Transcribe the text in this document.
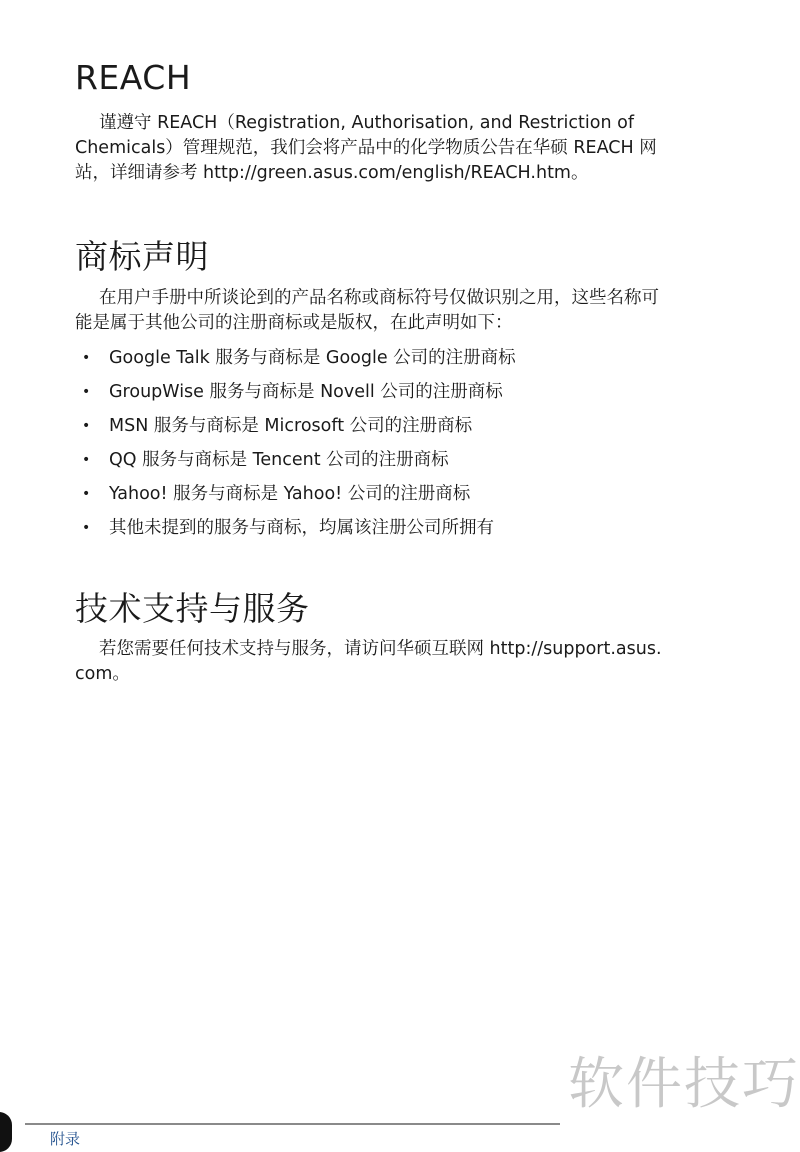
REACH

谨遵守 REACH（Registration, Authorisation, and Restriction of
Chemicals）管理规范，我们会将产品中的化学物质公告在华硕 REACH 网
站，详细请参考 http://green.asus.com/english/REACH.htm。

商标声明

在用户手册中所谈论到的产品名称或商标符号仅做识别之用，这些名称可
能是属于其他公司的注册商标或是版权，在此声明如下：

• Google Talk 服务与商标是 Google 公司的注册商标
• GroupWise 服务与商标是 Novell 公司的注册商标
• MSN 服务与商标是 Microsoft 公司的注册商标
• QQ 服务与商标是 Tencent 公司的注册商标
• Yahoo! 服务与商标是 Yahoo! 公司的注册商标
• 其他未提到的服务与商标，均属该注册公司所拥有
技术支持与服务

若您需要任何技术支持与服务，请访问华硕互联网 http://support.asus.
com。

软件技巧
附录
